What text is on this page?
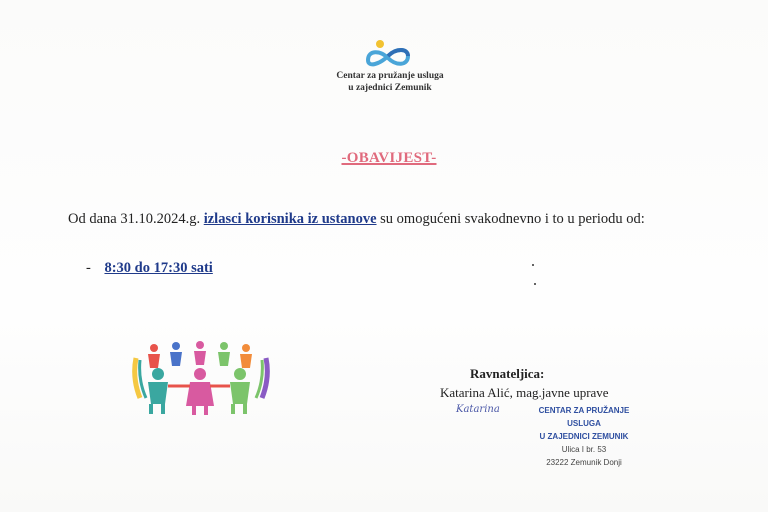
Centar za pružanje usluga
u zajednici Zemunik
-OBAVIJEST-
Od dana 31.10.2024.g. izlasci korisnika iz ustanove su omogućeni svakodnevno i to u periodu od:
- 8:30 do 17:30 sati
Ravnateljica:
Katarina Alić, mag.javne uprave
Katarina	CENTAR ZA PRUŽANJE USLUGA
U ZAJEDNICI ZEMUNIK
Ulica I br. 53
23222 Zemunik Donji
